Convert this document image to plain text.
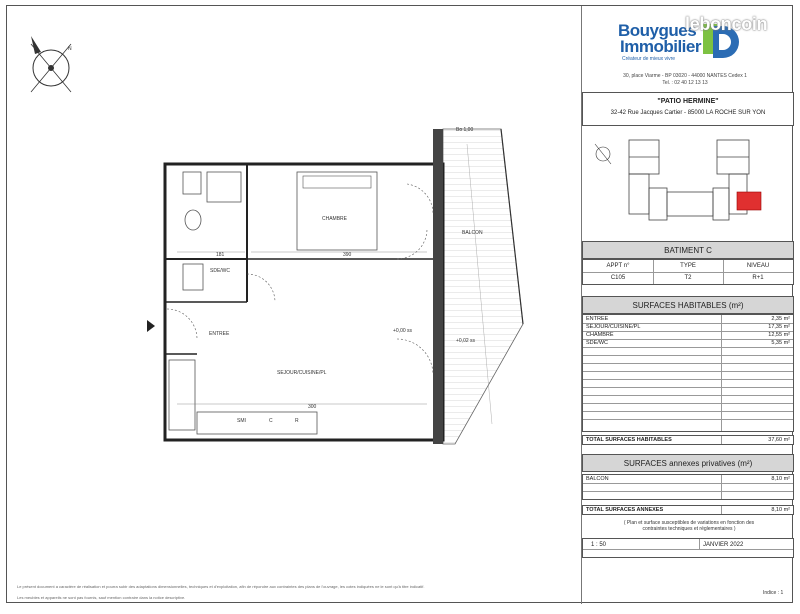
N
CHAMBRE
BALCON
SDE/WC
ENTREE
SEJOUR/CUISINE/PL
181	390
300
SMI	C	R
+0,00 ss
+0,02 ss
Bo 1,00
Bouygues
Immobilier
Créateur de mieux vivre
leboncoin
30, place Viarme - BP 03020 - 44000 NANTES Cedex 1
Tel. : 02 40 12 13 13
"PATIO HERMINE"
32-42 Rue Jacques Cartier - 85000 LA ROCHE SUR YON
BATIMENT C
APPT n°	TYPE	NIVEAU
C105	T2	R+1
SURFACES HABITABLES (m²)
ENTREE	2,35 m²
SEJOUR/CUISINE/PL	17,35 m²
CHAMBRE	12,55 m²
SDE/WC	5,35 m²
TOTAL SURFACES HABITABLES	37,60 m²
SURFACES annexes privatives (m²)
BALCON	8,10 m²
TOTAL SURFACES ANNEXES	8,10 m²
( Plan et surface susceptibles de variations en fonction des contraintes techniques et réglementaires )
1 : 50	JANVIER 2022
Indice : 1
Le présent document a caractère de réalisation et pourra subir des adaptations dimensionnelles, techniques et d'exploitation, afin de répondre aux contraintes des plans de l'ouvrage, les cotes indiquées ne le sont qu'à titre indicatif.
Les meubles et appareils ne sont pas fournis, sauf mention contraire dans la notice descriptive.
